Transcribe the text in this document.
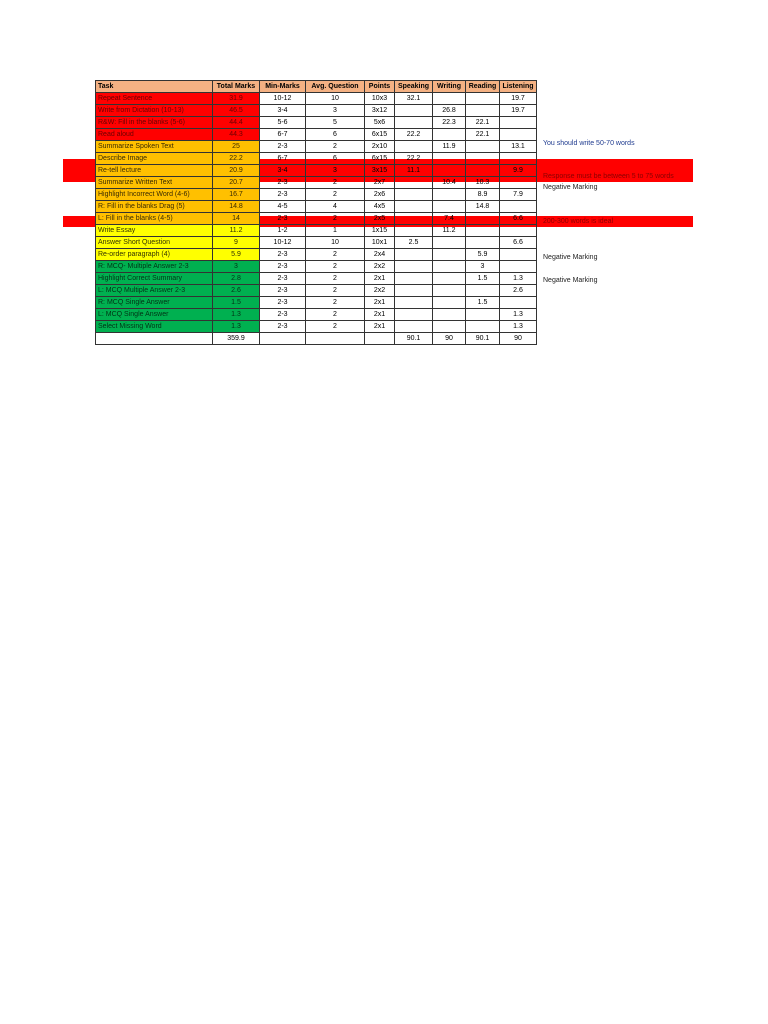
Task	Total Marks	Min-Marks	Avg. Question	Points	Speaking	Writing	Reading	Listening
Repeat Sentence	31.9	10-12	10	10x3	32.1			19.7
Write from Dictation (10-13)	46.5	3-4	3	3x12		26.8		19.7
R&W: Fill in the blanks (5-6)	44.4	5-6	5	5x6		22.3	22.1	
Read aloud	44.3	6-7	6	6x15	22.2		22.1	
Summarize Spoken Text	25	2-3	2	2x10		11.9		13.1
Describe Image	22.2	6-7	6	6x15	22.2			
Re-tell lecture	20.9	3-4	3	3x15	11.1			9.9
Summarize Written Text	20.7	2-3	2	2x7		10.4	10.3	
Highlight Incorrect Word (4-6)	16.7	2-3	2	2x6			8.9	7.9
R: Fill in the blanks Drag (5)	14.8	4-5	4	4x5			14.8	
L: Fill in the blanks (4-5)	14	2-3	2	2x5		7.4		6.6
Write Essay	11.2	1-2	1	1x15		11.2		
Answer Short Question	9	10-12	10	10x1	2.5			6.6
Re-order paragraph (4)	5.9	2-3	2	2x4			5.9	
R: MCQ- Multiple Answer 2-3	3	2-3	2	2x2			3	
Highlight Correct Summary	2.8	2-3	2	2x1			1.5	1.3
L: MCQ Multiple Answer 2-3	2.6	2-3	2	2x2				2.6
R: MCQ Single Answer	1.5	2-3	2	2x1			1.5	
L: MCQ Single Answer	1.3	2-3	2	2x1				1.3
Select Missing Word	1.3	2-3	2	2x1				1.3
	359.9				90.1	90	90.1	90
You should write 50-70 words
Response must be between 5 to 75 words
Negative Marking
200-300 words is ideal
Negative Marking
Negative Marking
